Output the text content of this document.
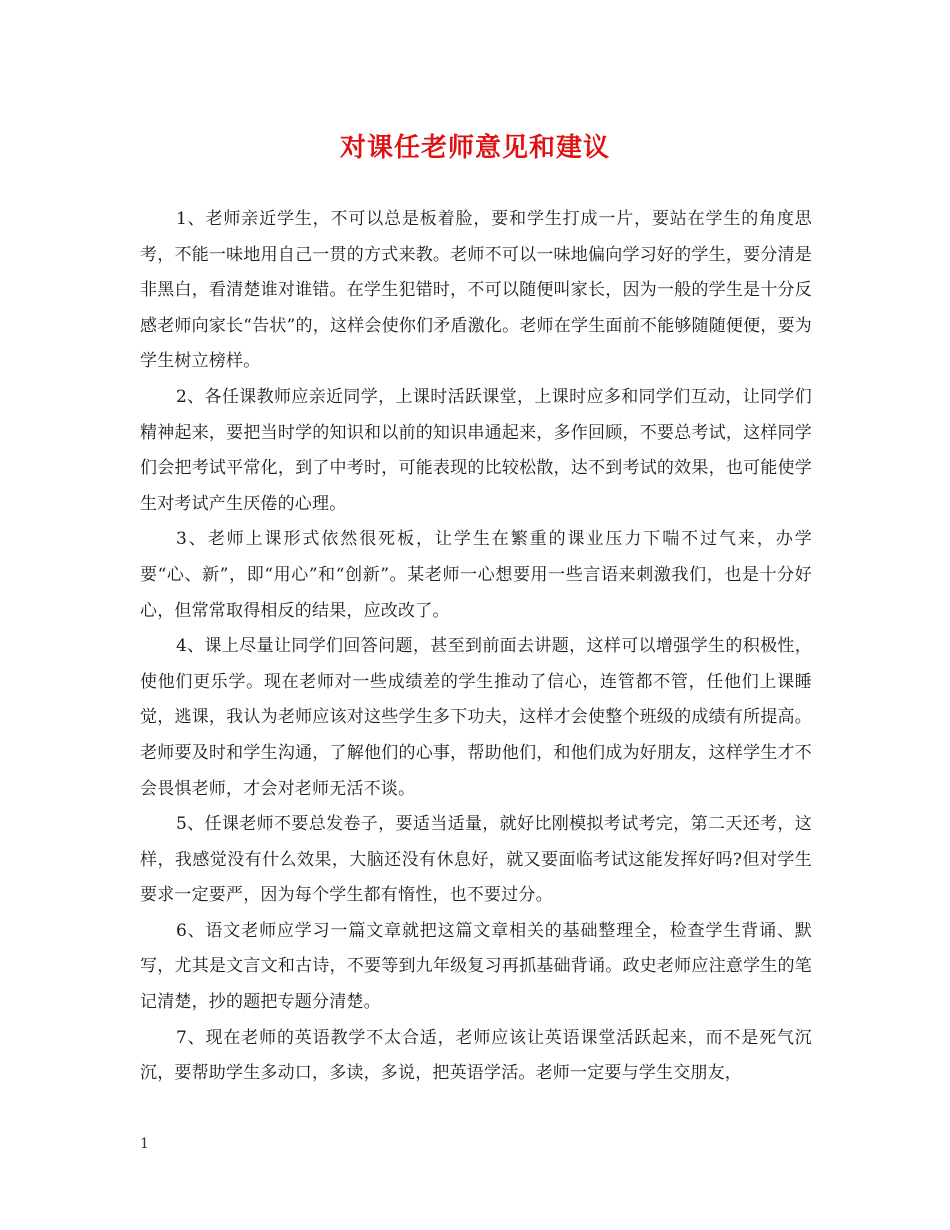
对课任老师意见和建议

1、老师亲近学生，不可以总是板着脸，要和学生打成一片，要站在学生的角度思考，不能一味地用自己一贯的方式来教。老师不可以一味地偏向学习好的学生，要分清是非黑白，看清楚谁对谁错。在学生犯错时，不可以随便叫家长，因为一般的学生是十分反感老师向家长“告状”的，这样会使你们矛盾激化。老师在学生面前不能够随随便便，要为学生树立榜样。

2、各任课教师应亲近同学，上课时活跃课堂，上课时应多和同学们互动，让同学们精神起来，要把当时学的知识和以前的知识串通起来，多作回顾，不要总考试，这样同学们会把考试平常化，到了中考时，可能表现的比较松散，达不到考试的效果，也可能使学生对考试产生厌倦的心理。

3、老师上课形式依然很死板，让学生在繁重的课业压力下喘不过气来，办学要“心、新”，即“用心”和“创新”。某老师一心想要用一些言语来刺激我们，也是十分好心，但常常取得相反的结果，应改改了。

4、课上尽量让同学们回答问题，甚至到前面去讲题，这样可以增强学生的积极性，使他们更乐学。现在老师对一些成绩差的学生推动了信心，连管都不管，任他们上课睡觉，逃课，我认为老师应该对这些学生多下功夫，这样才会使整个班级的成绩有所提高。老师要及时和学生沟通，了解他们的心事，帮助他们，和他们成为好朋友，这样学生才不会畏惧老师，才会对老师无活不谈。

5、任课老师不要总发卷子，要适当适量，就好比刚模拟考试考完，第二天还考，这样，我感觉没有什么效果，大脑还没有休息好，就又要面临考试这能发挥好吗?但对学生要求一定要严，因为每个学生都有惰性，也不要过分。

6、语文老师应学习一篇文章就把这篇文章相关的基础整理全，检查学生背诵、默写，尤其是文言文和古诗，不要等到九年级复习再抓基础背诵。政史老师应注意学生的笔记清楚，抄的题把专题分清楚。

7、现在老师的英语教学不太合适，老师应该让英语课堂活跃起来，而不是死气沉沉，要帮助学生多动口，多读，多说，把英语学活。老师一定要与学生交朋友，

1
